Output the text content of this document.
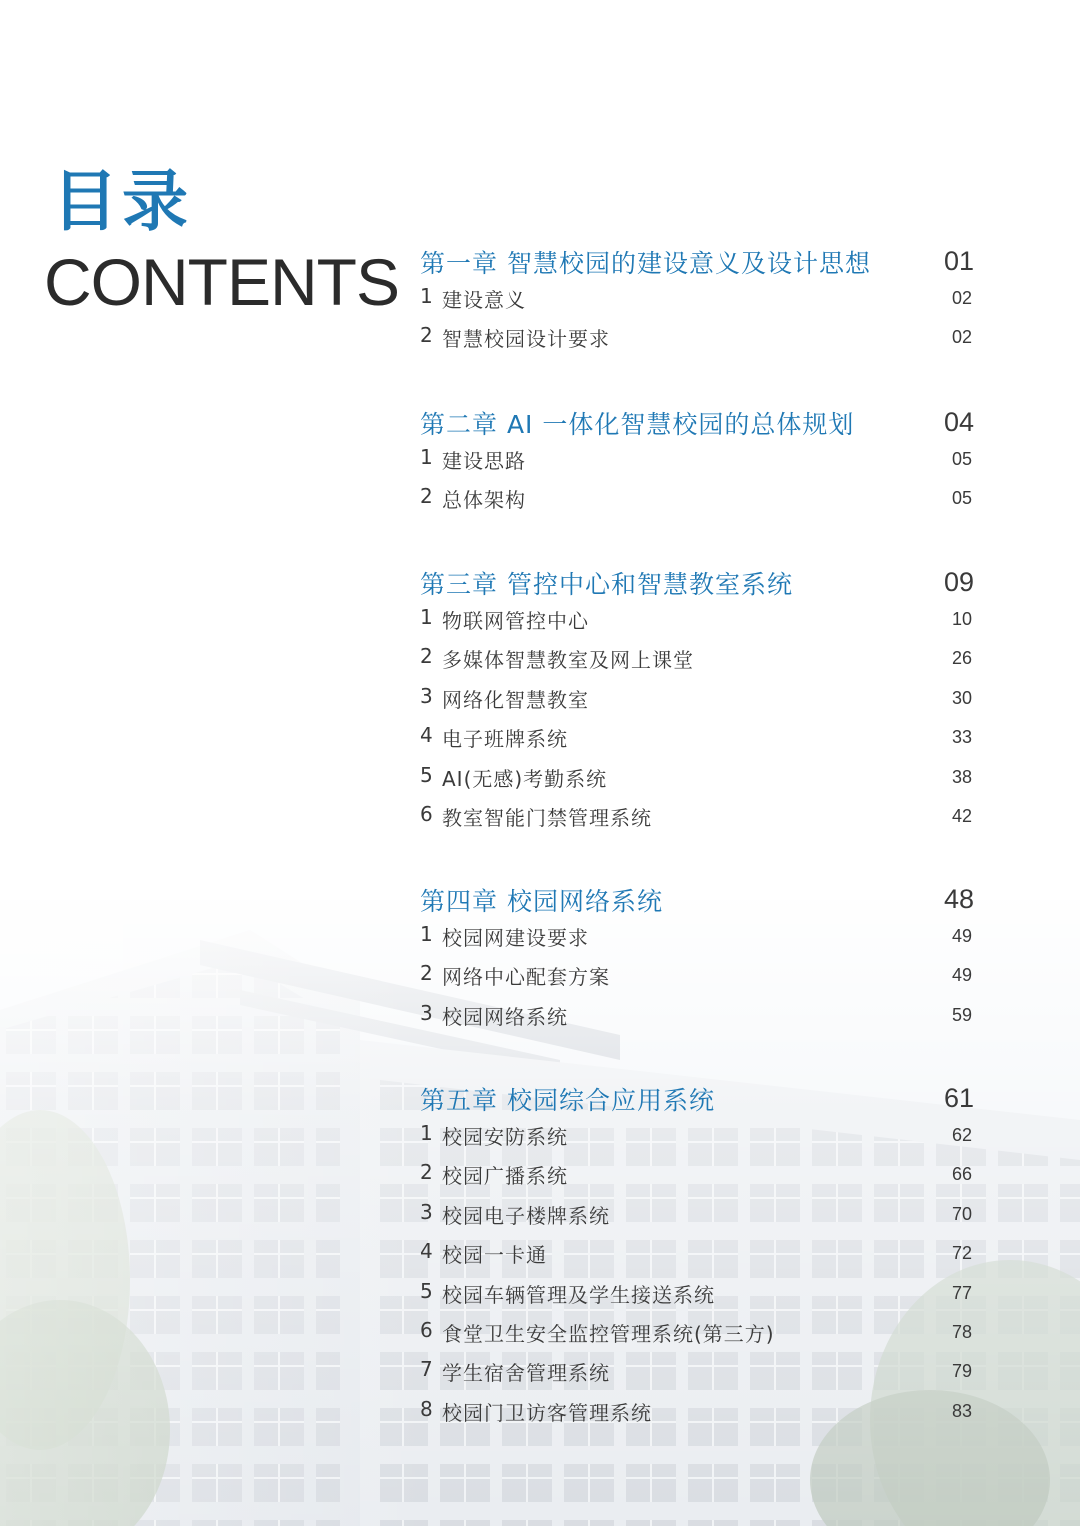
目录
CONTENTS 第一章 智慧校园的建设意义及设计思想	01
1 建设意义	02
2 智慧校园设计要求	02
第二章 AI 一体化智慧校园的总体规划	04
1 建设思路	05
2 总体架构	05
第三章 管控中心和智慧教室系统	09
1 物联网管控中心	10
2 多媒体智慧教室及网上课堂	26
3 网络化智慧教室	30
4 电子班牌系统	33
5 AI(无感)考勤系统	38
6 教室智能门禁管理系统	42
第四章 校园网络系统	48
1 校园网建设要求	49
2 网络中心配套方案	49
3 校园网络系统	59
第五章 校园综合应用系统	61
1 校园安防系统	62
2 校园广播系统	66
3 校园电子楼牌系统	70
4 校园一卡通	72
5 校园车辆管理及学生接送系统	77
6 食堂卫生安全监控管理系统(第三方)	78
7 学生宿舍管理系统	79
8 校园门卫访客管理系统	83
